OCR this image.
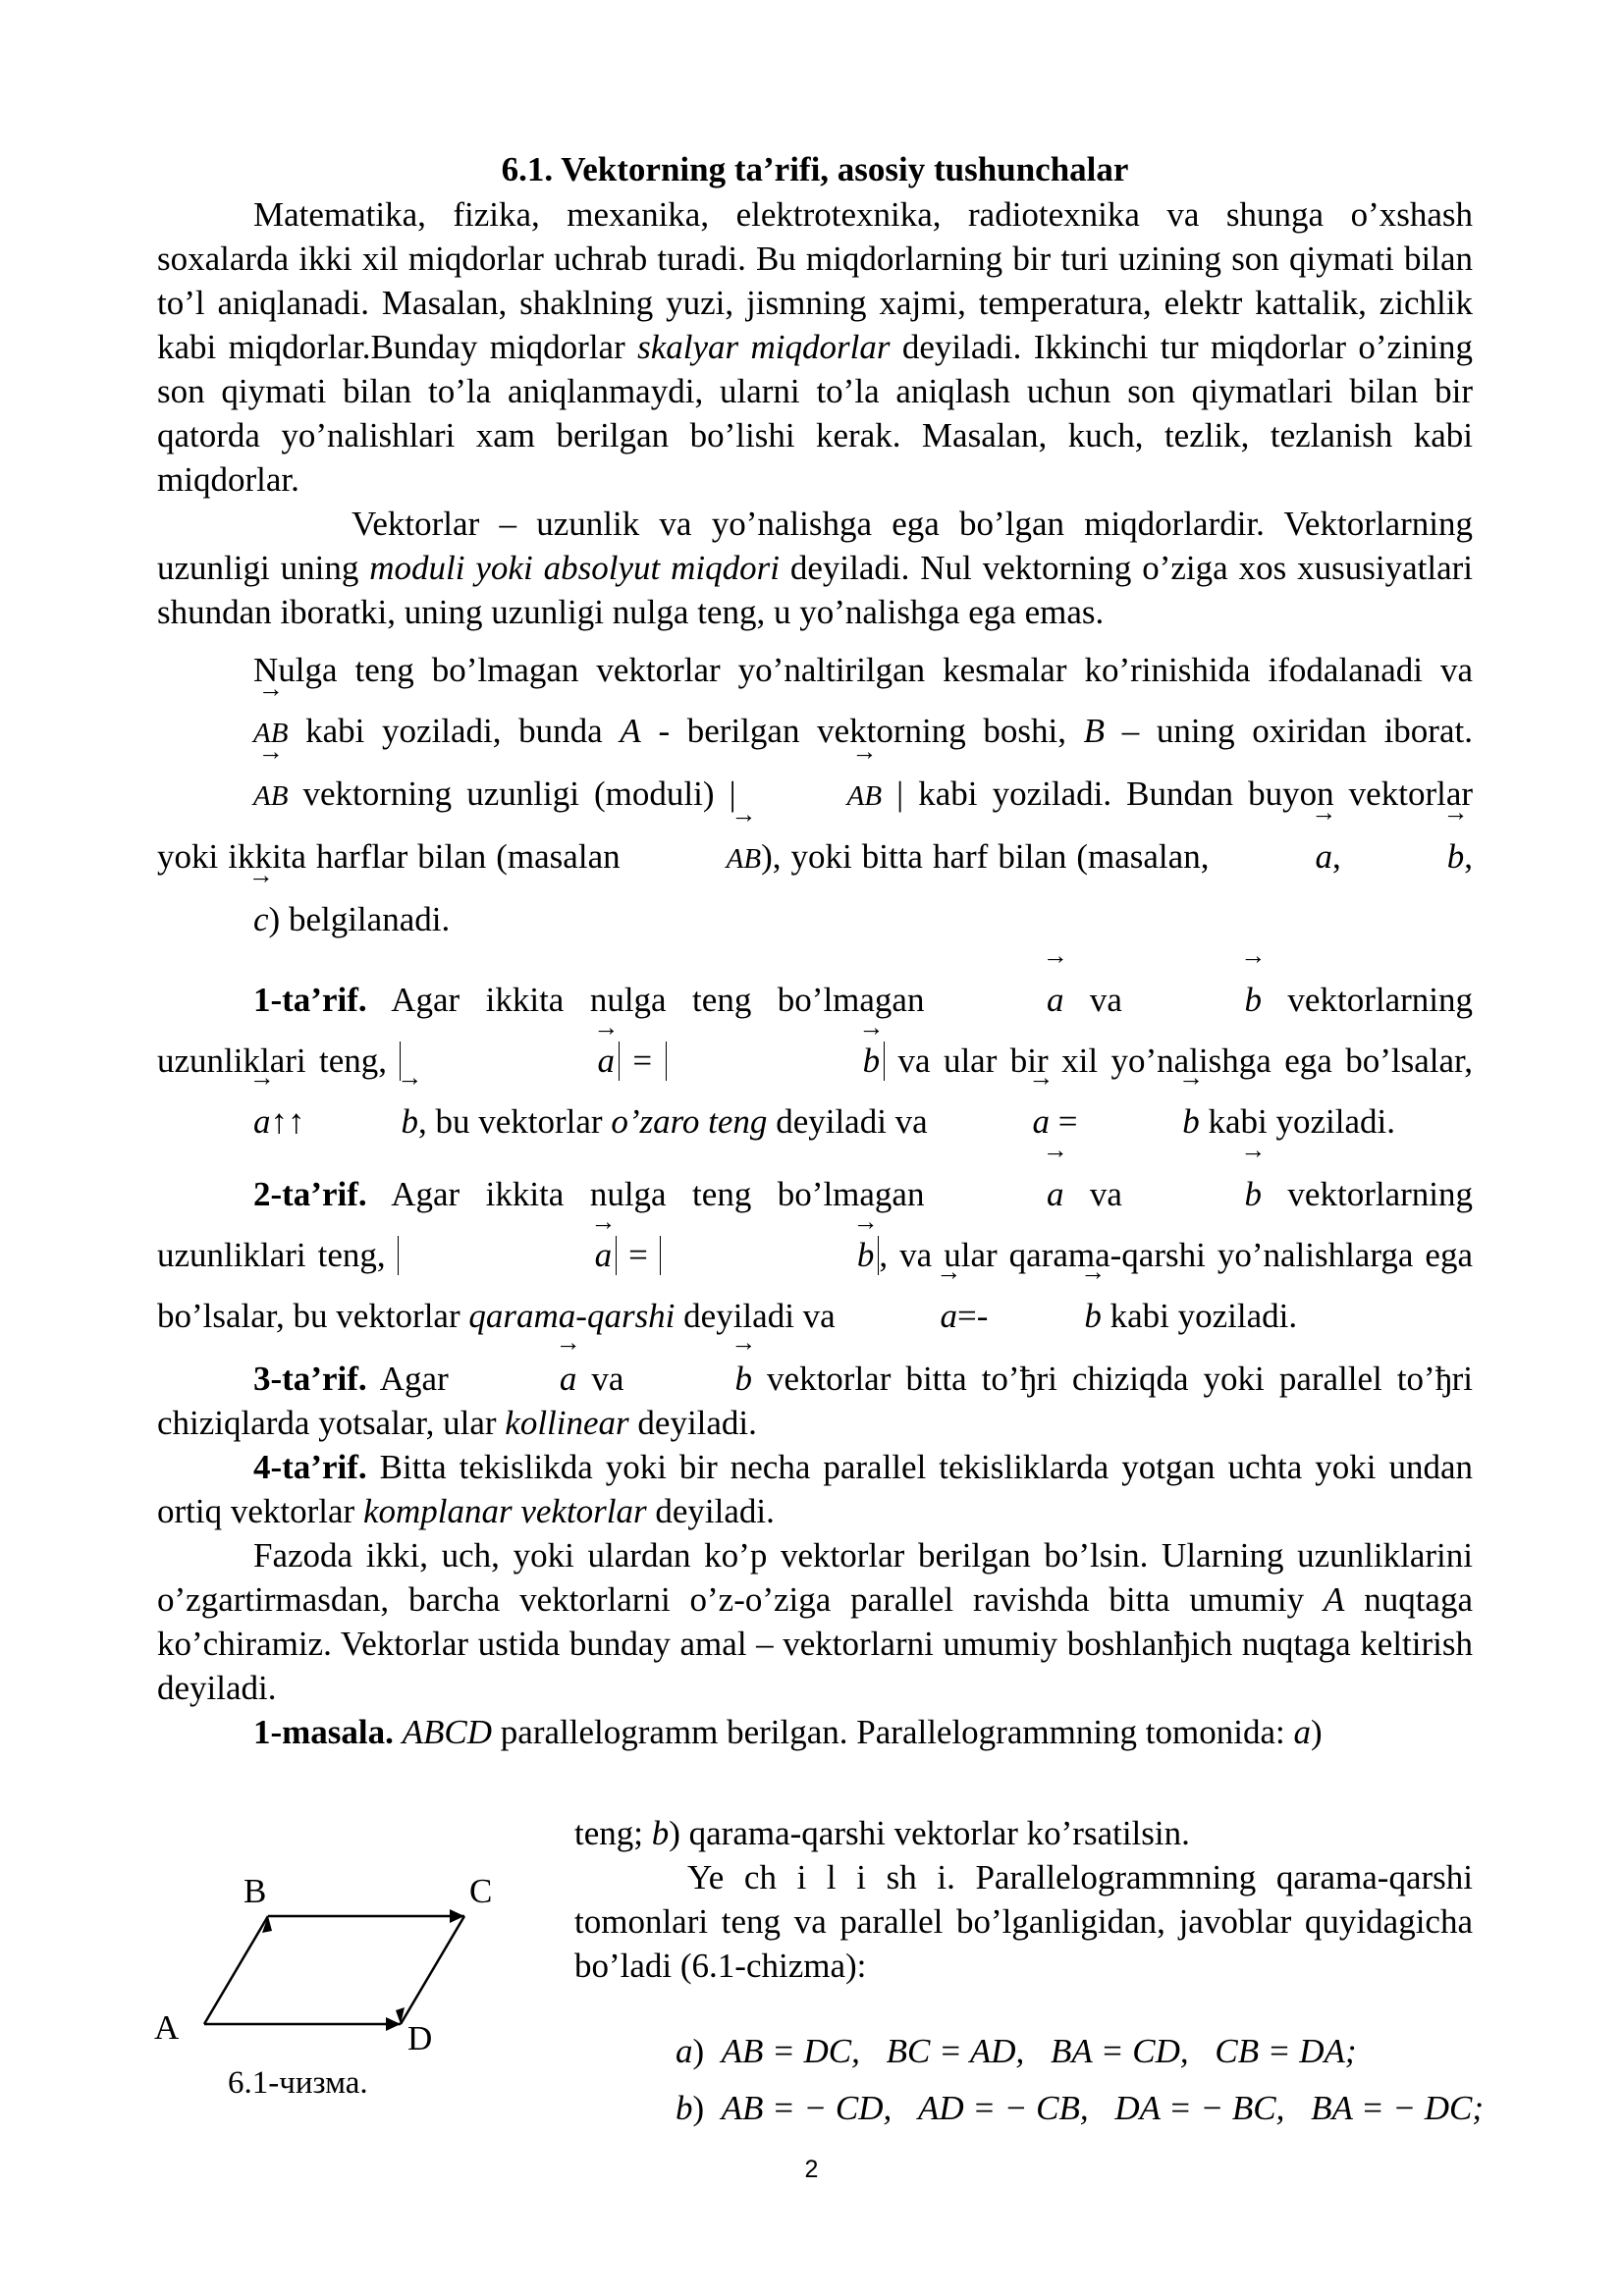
6.1. Vektorning ta’rifi, asosiy tushunchalar

Matematika, fizika, mexanika, elektrotexnika, radiotexnika va shunga o’xshash soxalarda ikki xil miqdorlar uchrab turadi. Bu miqdorlarning bir turi uzining son qiymati bilan to’l aniqlanadi. Masalan, shaklning yuzi, jismning xajmi, temperatura, elektr kattalik, zichlik kabi miqdorlar.Bunday miqdorlar skalyar miqdorlar deyiladi. Ikkinchi tur miqdorlar o’zining son qiymati bilan to’la aniqlanmaydi, ularni to’la aniqlash uchun son qiymatlari bilan bir qatorda yo’nalishlari xam berilgan bo’lishi kerak. Masalan, kuch, tezlik, tezlanish kabi miqdorlar.

Vektorlar – uzunlik va yo’nalishga ega bo’lgan miqdorlardir. Vektorlarning uzunligi uning moduli yoki absolyut miqdori deyiladi. Nul vektorning o’ziga xos xususiyatlari shundan iboratki, uning uzunligi nulga teng, u yo’nalishga ega emas.

Nulga teng bo’lmagan vektorlar yo’naltirilgan kesmalar ko’rinishida ifodalanadi va → AB kabi yoziladi, bunda A - berilgan vektorning boshi, B – uning oxiridan iborat. → AB vektorning uzunligi (moduli) |	→ AB | kabi yoziladi. Bundan buyon vektorlar yoki ikkita harflar bilan (masalan	→ AB), yoki bitta harf bilan (masalan,	→ a,	→ b, → c) belgilanadi.

1-ta’rif. Agar ikkita nulga teng bo’lmagan	→ a va	→ b vektorlarning uzunliklari teng,	→ a =	→ b va ular bir xil yo’nalishga ega bo’lsalar, → a↑↑	→ b, bu vektorlar o’zaro teng deyiladi va	→ a =	→ b kabi yoziladi.

2-ta’rif. Agar ikkita nulga teng bo’lmagan	→ a va	→ b vektorlarning uzunliklari teng,	→ a =	→ b , va ular qarama-qarshi yo’nalishlarga ega bo’lsalar, bu vektorlar qarama-qarshi deyiladi va	→ a=-	→ b kabi yoziladi.

3-ta’rif. Agar	→ a va	→ b vektorlar bitta to’ђri chiziqda yoki parallel to’ђri chiziqlarda yotsalar, ular kollinear deyiladi.

4-ta’rif. Bitta tekislikda yoki bir necha parallel tekisliklarda yotgan uchta yoki undan ortiq vektorlar komplanar vektorlar deyiladi.

Fazoda ikki, uch, yoki ulardan ko’p vektorlar berilgan bo’lsin. Ularning uzunliklarini o’zgartirmasdan, barcha vektorlarni o’z-o’ziga parallel ravishda bitta umumiy A nuqtaga ko’chiramiz. Vektorlar ustida bunday amal – vektorlarni umumiy boshlanђich nuqtaga keltirish deyiladi.

1-masala. ABCD parallelogramm berilgan. Parallelogrammning tomonida: a)

teng; b) qarama-qarshi vektorlar ko’rsatilsin.

Ye ch i l i sh i. Parallelogrammning qarama-qarshi tomonlari teng va parallel bo’lganligidan, javoblar quyidagicha bo’ladi (6.1-chizma):

A
B	C
D
6.1-чизма.
a)  AB = DC, BC = AD, BA = CD, CB = DA;
b)  AB = − CD, AD = − CB, DA = − BC, BA = − DC;
2
